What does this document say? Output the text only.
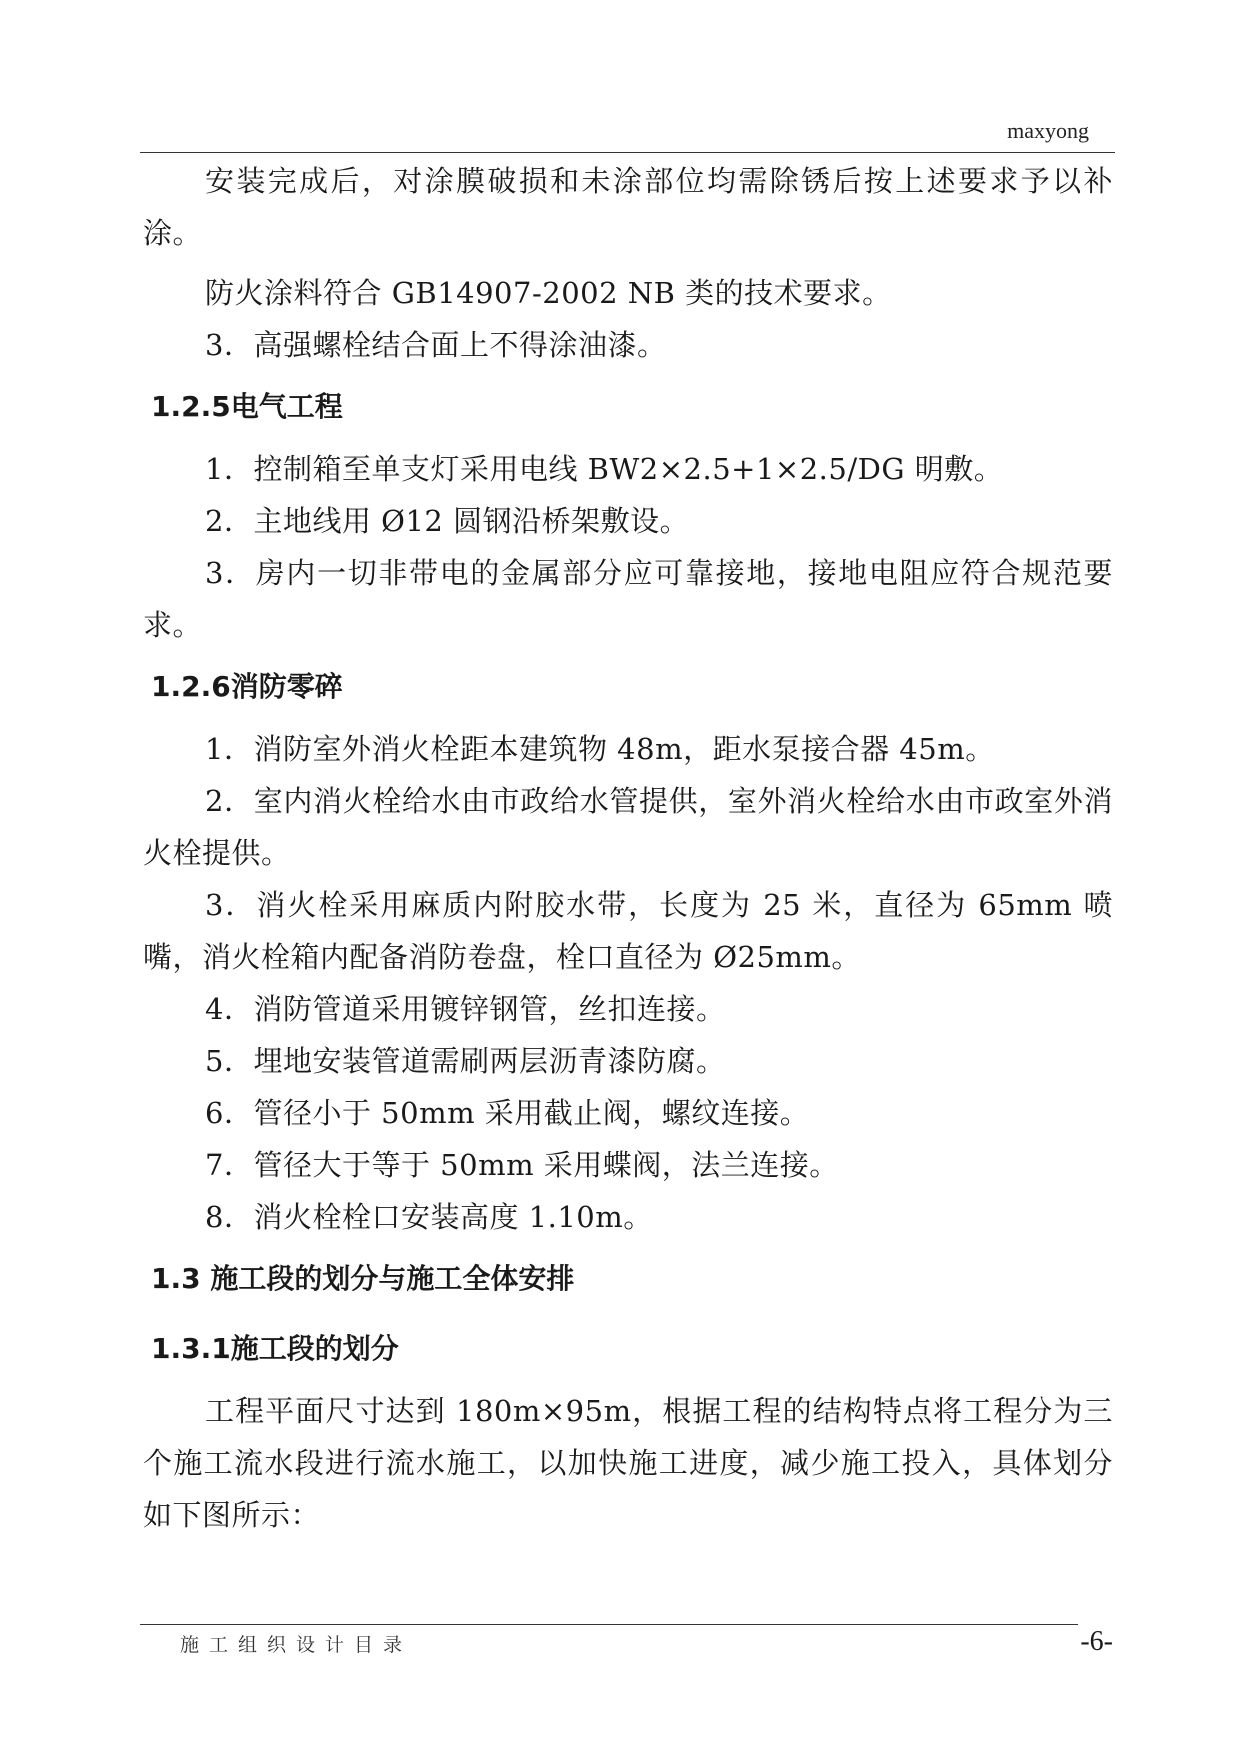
maxyong

安装完成后，对涂膜破损和未涂部位均需除锈后按上述要求予以补涂。

防火涂料符合 GB14907-2002 NB 类的技术要求。

3．高强螺栓结合面上不得涂油漆。

1.2.5电气工程

1．控制箱至单支灯采用电线 BW2×2.5+1×2.5/DG 明敷。

2．主地线用 Ø12 圆钢沿桥架敷设。

3．房内一切非带电的金属部分应可靠接地，接地电阻应符合规范要求。

1.2.6消防零碎

1．消防室外消火栓距本建筑物 48m，距水泵接合器 45m。

2．室内消火栓给水由市政给水管提供，室外消火栓给水由市政室外消火栓提供。

3．消火栓采用麻质内附胶水带，长度为 25 米，直径为 65mm 喷嘴，消火栓箱内配备消防卷盘，栓口直径为 Ø25mm。

4．消防管道采用镀锌钢管，丝扣连接。

5．埋地安装管道需刷两层沥青漆防腐。

6．管径小于 50mm 采用截止阀，螺纹连接。

7．管径大于等于 50mm 采用蝶阀，法兰连接。

8．消火栓栓口安装高度 1.10m。

1.3 施工段的划分与施工全体安排
1.3.1施工段的划分

工程平面尺寸达到 180m×95m，根据工程的结构特点将工程分为三个施工流水段进行流水施工，以加快施工进度，减少施工投入，具体划分如下图所示：

施工组织设计目录	-6-
